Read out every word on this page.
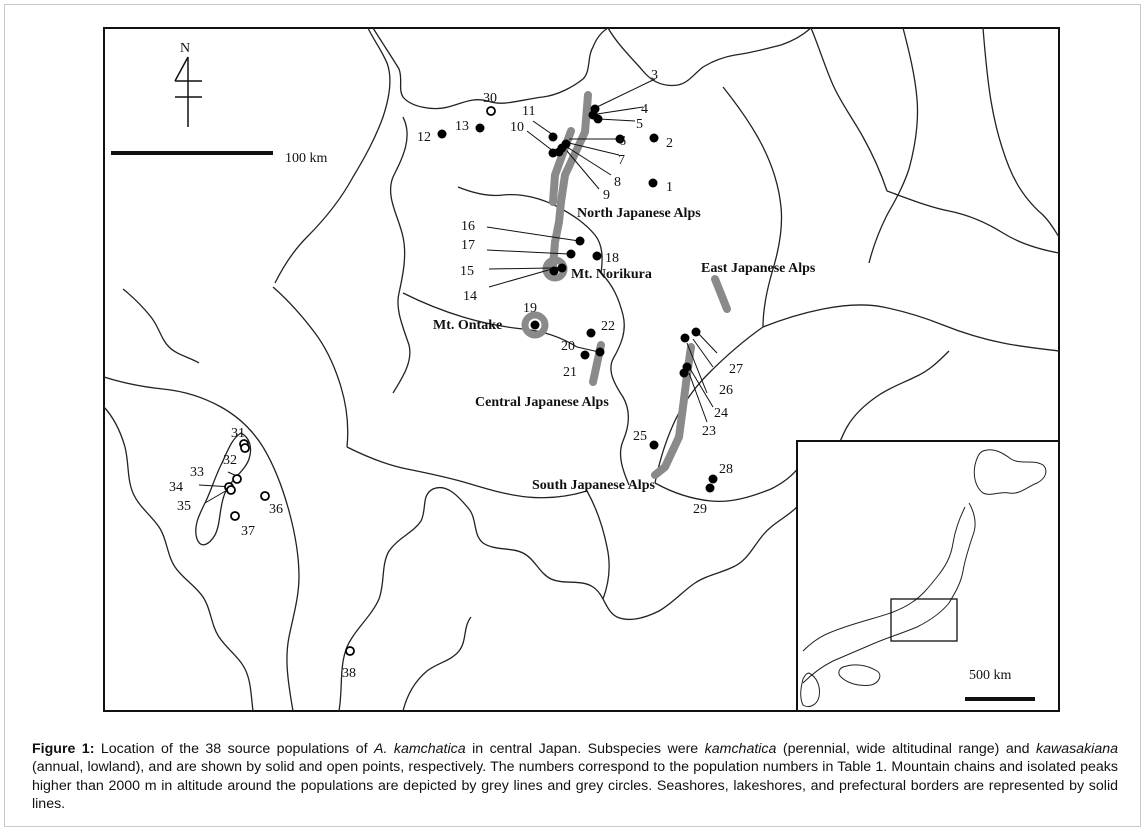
100 km
N
1
2
3
4
5
6
7
8
9
10
11
12
13
14
15
16
17
18
19
20
21
22
23
24
25
26
27
28
29
30
31
32
33
34
35	36
37
38
North Japanese Alps
Mt. Norikura	East Japanese Alps
Mt. Ontake
Central Japanese Alps
South Japanese Alps
500 km
Figure 1: Location of the 38 source populations of A. kamchatica in central Japan. Subspecies were kamchatica (perennial, wide altitudinal range) and kawasakiana (annual, lowland), and are shown by solid and open points, respectively. The numbers correspond to the population numbers in Table 1. Mountain chains and isolated peaks higher than 2000 m in altitude around the populations are depicted by grey lines and grey circles. Seashores, lakeshores, and prefectural borders are represented by solid lines.
